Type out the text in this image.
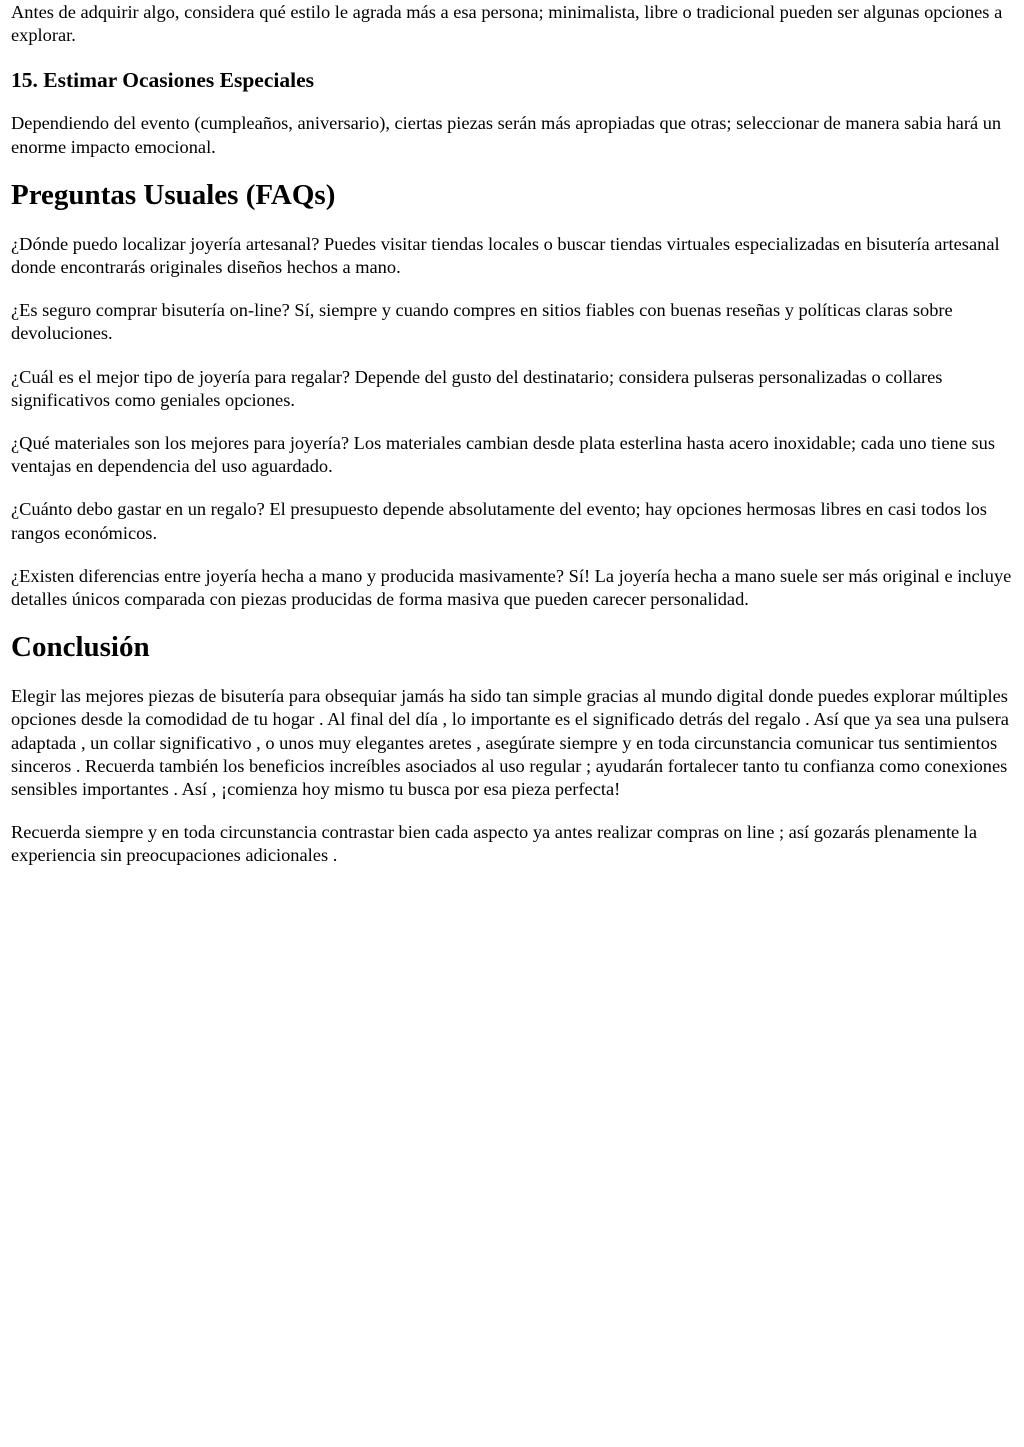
Antes de adquirir algo, considera qué estilo le agrada más a esa persona; minimalista, libre o tradicional pueden ser algunas opciones a explorar.

15. Estimar Ocasiones Especiales

Dependiendo del evento (cumpleaños, aniversario), ciertas piezas serán más apropiadas que otras; seleccionar de manera sabia hará un enorme impacto emocional.

Preguntas Usuales (FAQs)

¿Dónde puedo localizar joyería artesanal? Puedes visitar tiendas locales o buscar tiendas virtuales especializadas en bisutería artesanal donde encontrarás originales diseños hechos a mano.

¿Es seguro comprar bisutería on-line? Sí, siempre y cuando compres en sitios fiables con buenas reseñas y políticas claras sobre devoluciones.

¿Cuál es el mejor tipo de joyería para regalar? Depende del gusto del destinatario; considera pulseras personalizadas o collares significativos como geniales opciones.

¿Qué materiales son los mejores para joyería? Los materiales cambian desde plata esterlina hasta acero inoxidable; cada uno tiene sus ventajas en dependencia del uso aguardado.

¿Cuánto debo gastar en un regalo? El presupuesto depende absolutamente del evento; hay opciones hermosas libres en casi todos los rangos económicos.

¿Existen diferencias entre joyería hecha a mano y producida masivamente? Sí! La joyería hecha a mano suele ser más original e incluye detalles únicos comparada con piezas producidas de forma masiva que pueden carecer personalidad.

Conclusión

Elegir las mejores piezas de bisutería para obsequiar jamás ha sido tan simple gracias al mundo digital donde puedes explorar múltiples opciones desde la comodidad de tu hogar . Al final del día , lo importante es el significado detrás del regalo . Así que ya sea una pulsera adaptada , un collar significativo , o unos muy elegantes aretes , asegúrate siempre y en toda circunstancia comunicar tus sentimientos sinceros . Recuerda también los beneficios increíbles asociados al uso regular ; ayudarán fortalecer tanto tu confianza como conexiones sensibles importantes . Así , ¡comienza hoy mismo tu busca por esa pieza perfecta!

Recuerda siempre y en toda circunstancia contrastar bien cada aspecto ya antes realizar compras on line ; así gozarás plenamente la experiencia sin preocupaciones adicionales .
